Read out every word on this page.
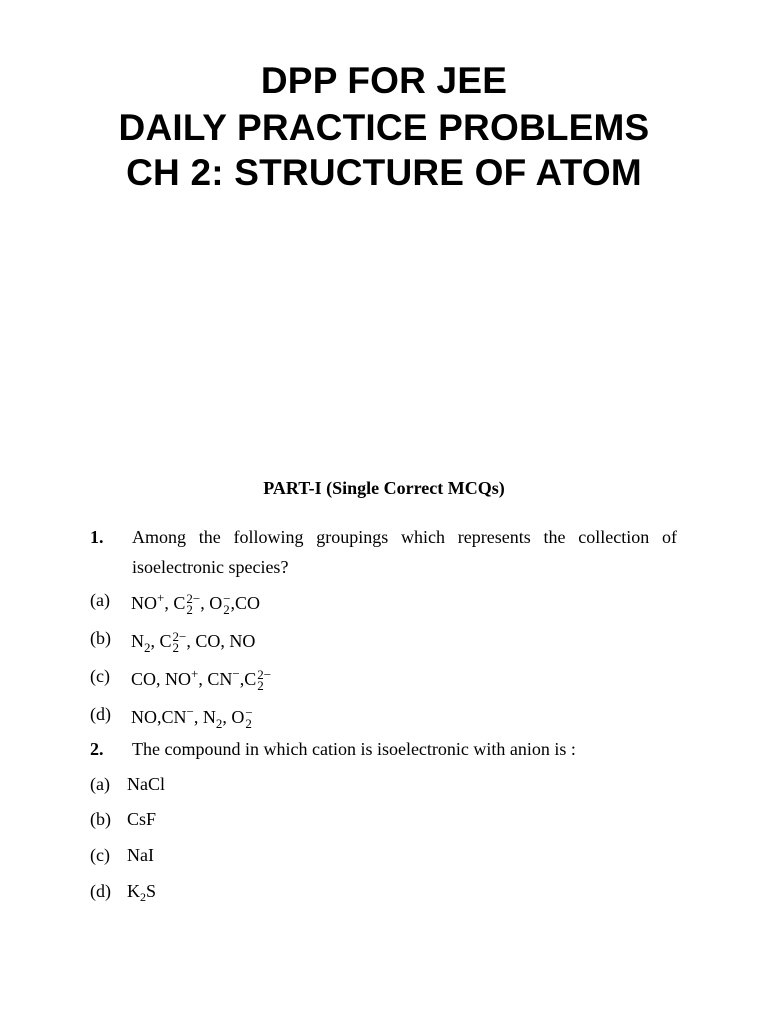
DPP FOR JEE
DAILY PRACTICE PROBLEMS
CH 2: STRUCTURE OF ATOM
PART-I (Single Correct MCQs)
1. Among the following groupings which represents the collection of
isoelectronic species?
(a) NO+, C 2−
2 , O −
2 ,CO
(b) $N_2$, C 2−
2 , CO, NO
(c) CO, NO+, CN−,C 2−
2
(d) NO,CN−, $N_2$, O −
2
2. The compound in which cation is isoelectronic with anion is :
(a) NaCl
(b) CsF
(c) NaI
(d) $K_2S$
